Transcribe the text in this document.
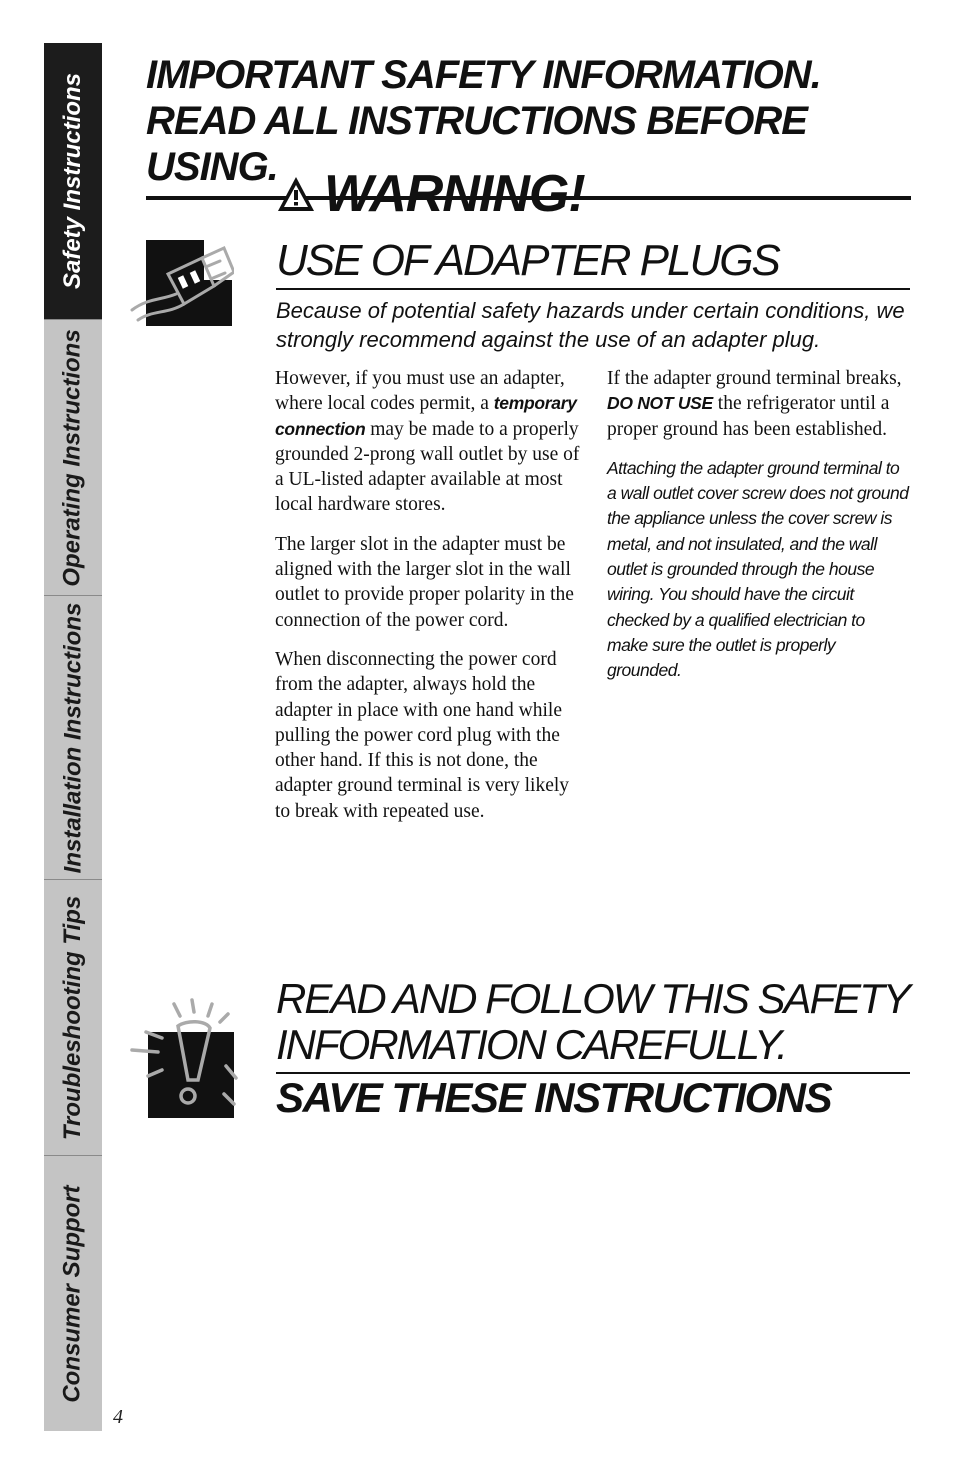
Safety Instructions
Operating Instructions
Installation Instructions
Troubleshooting Tips
Consumer Support
4
IMPORTANT SAFETY INFORMATION.
READ ALL INSTRUCTIONS BEFORE USING. WARNING!
USE OF ADAPTER PLUGS

Because of potential safety hazards under certain conditions, we strongly recommend against the use of an adapter plug.

However, if you must use an adapter, where local codes permit, a temporary connection may be made to a properly grounded 2-prong wall outlet by use of a UL-listed adapter available at most local hardware stores.

The larger slot in the adapter must be aligned with the larger slot in the wall outlet to provide proper polarity in the connection of the power cord.

When disconnecting the power cord from the adapter, always hold the adapter in place with one hand while pulling the power cord plug with the other hand. If this is not done, the adapter ground terminal is very likely to break with repeated use.

If the adapter ground terminal breaks, DO NOT USE the refrigerator until a proper ground has been established.

Attaching the adapter ground terminal to a wall outlet cover screw does not ground the appliance unless the cover screw is metal, and not insulated, and the wall outlet is grounded through the house wiring. You should have the circuit checked by a qualified electrician to make sure the outlet is properly grounded.

READ AND FOLLOW THIS SAFETY
INFORMATION CAREFULLY.
SAVE THESE INSTRUCTIONS
